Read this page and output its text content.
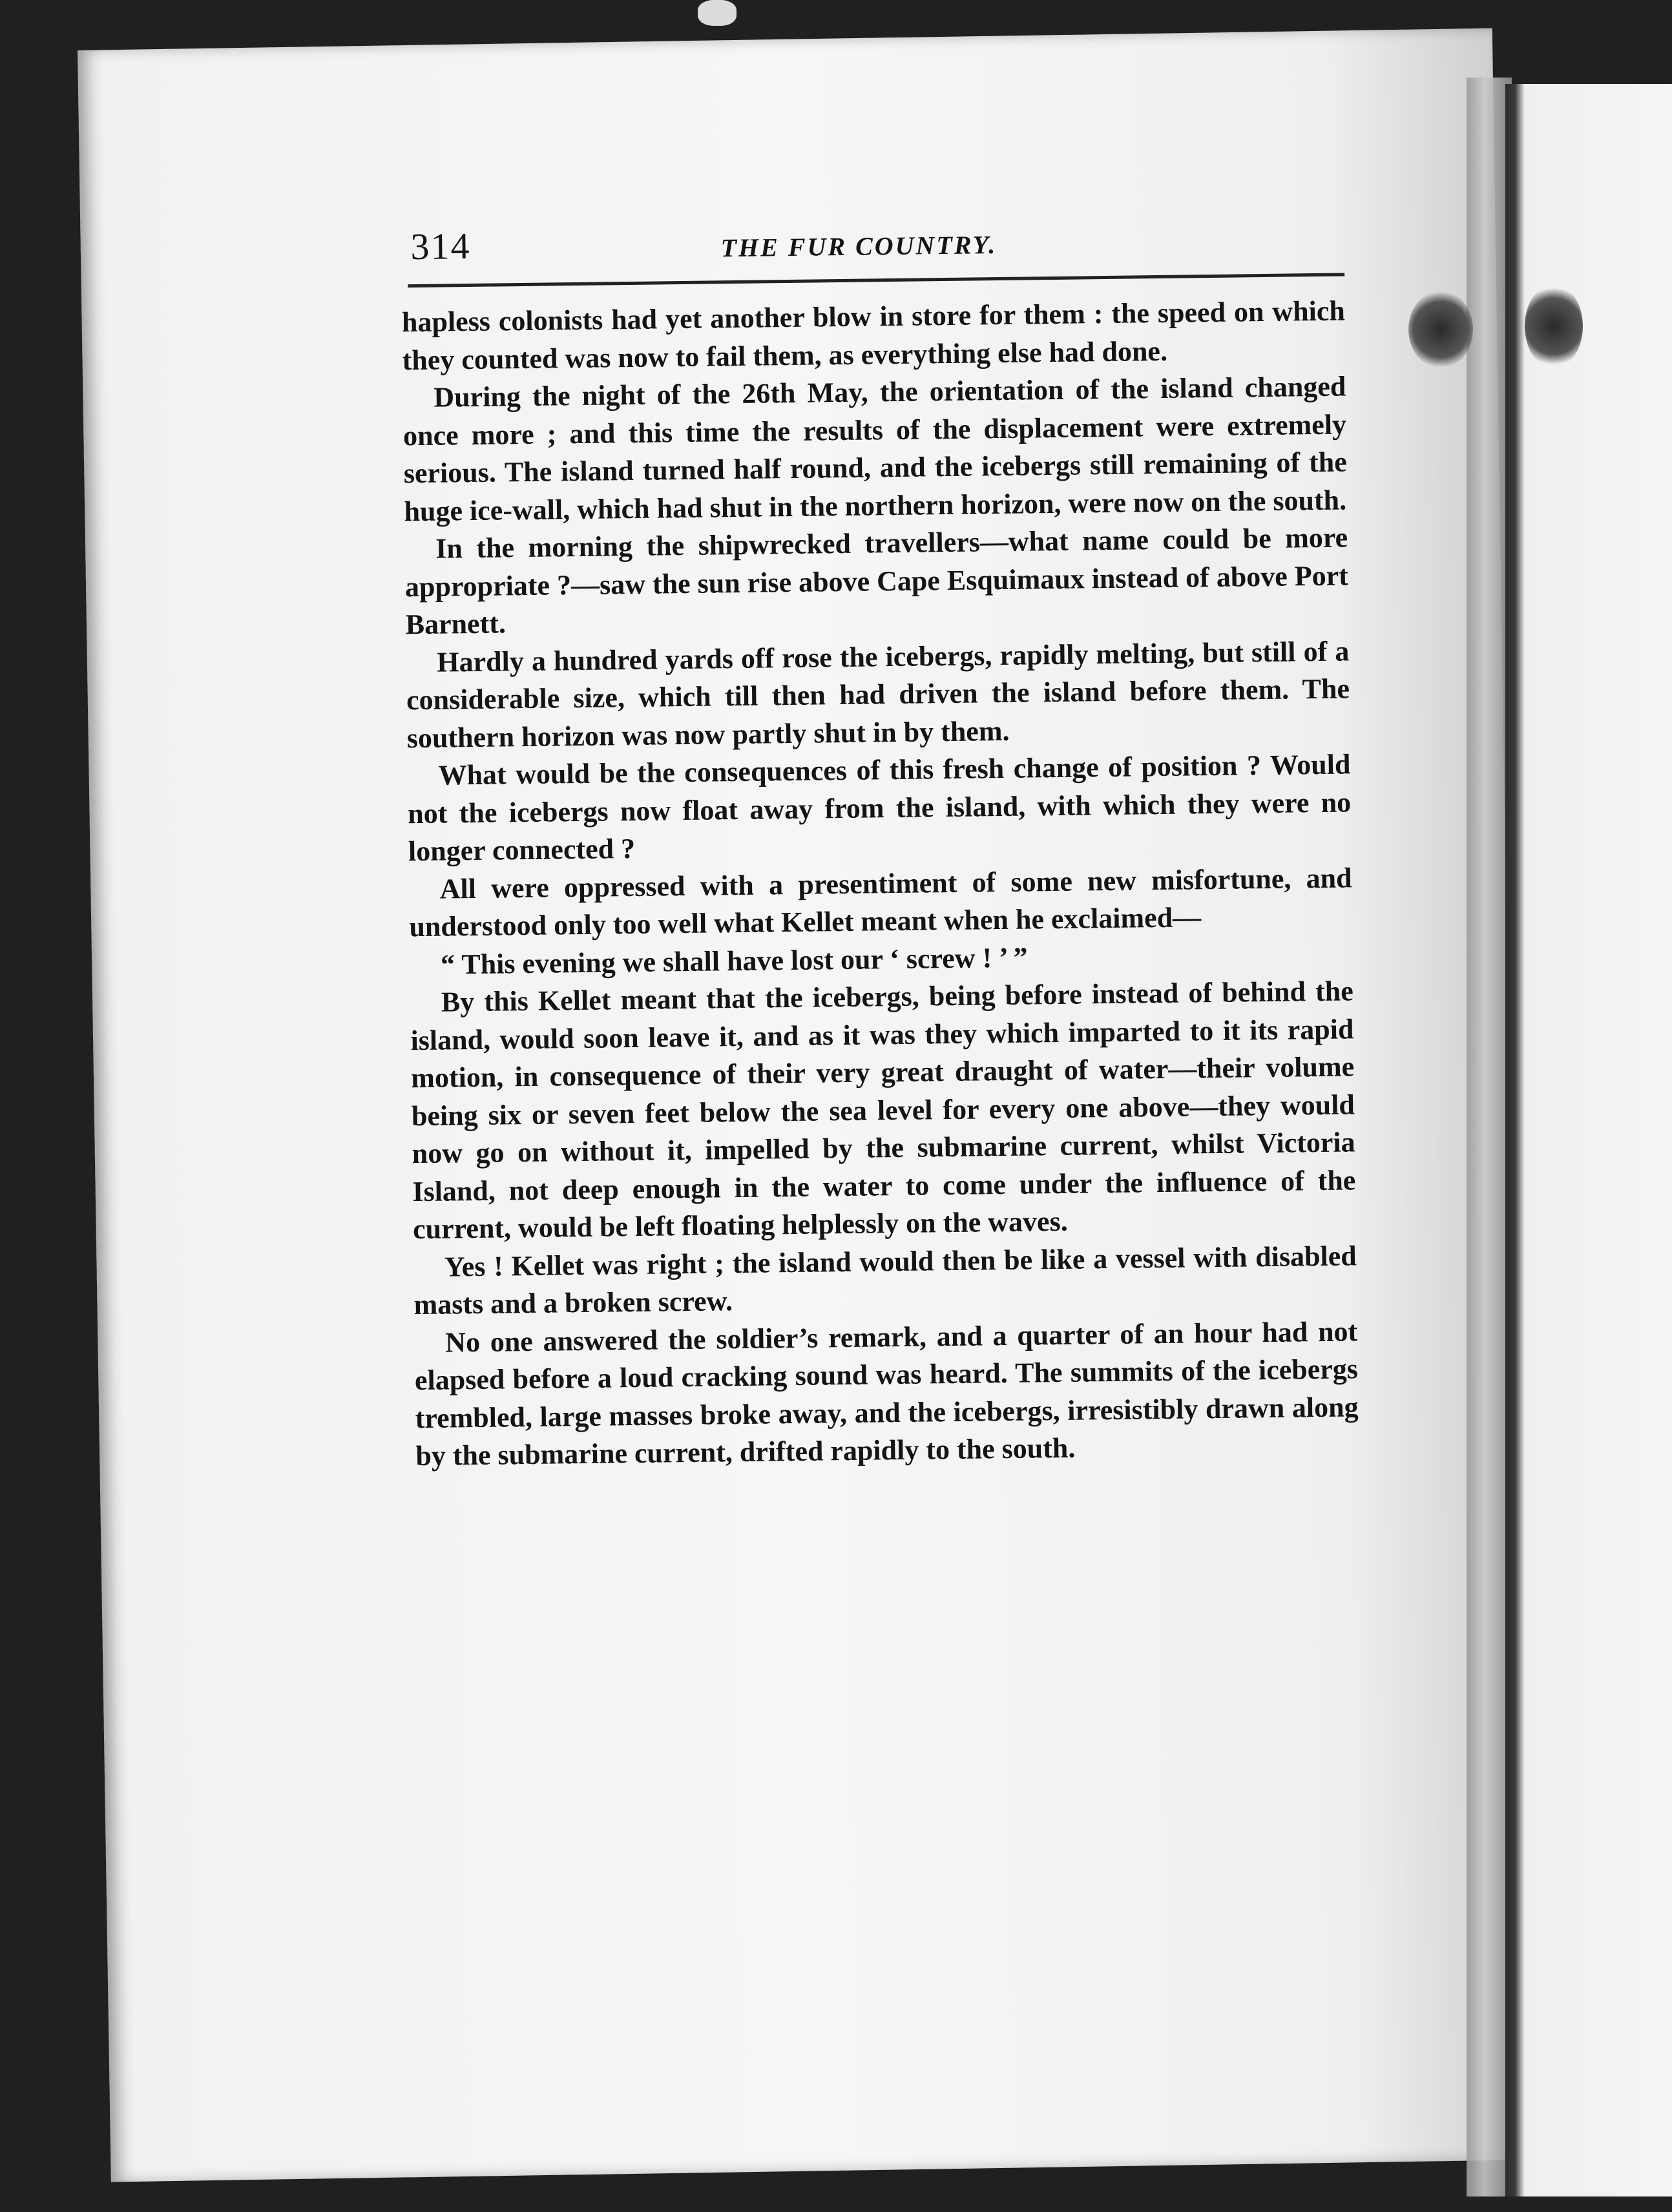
314	THE FUR COUNTRY.

hapless colonists had yet another blow in store for them : the speed on which they counted was now to fail them, as everything else had done.

During the night of the 26th May, the orientation of the island changed once more ; and this time the results of the displacement were extremely serious. The island turned half round, and the icebergs still remaining of the huge ice-wall, which had shut in the northern horizon, were now on the south.

In the morning the shipwrecked travellers—what name could be more appropriate ?—saw the sun rise above Cape Esquimaux instead of above Port Barnett.

Hardly a hundred yards off rose the icebergs, rapidly melting, but still of a considerable size, which till then had driven the island before them. The southern horizon was now partly shut in by them.

What would be the consequences of this fresh change of position ? Would not the icebergs now float away from the island, with which they were no longer connected ?

All were oppressed with a presentiment of some new misfortune, and understood only too well what Kellet meant when he exclaimed—

“ This evening we shall have lost our ‘ screw ! ’ ”

By this Kellet meant that the icebergs, being before instead of behind the island, would soon leave it, and as it was they which imparted to it its rapid motion, in consequence of their very great draught of water—their volume being six or seven feet below the sea level for every one above—they would now go on without it, impelled by the submarine current, whilst Victoria Island, not deep enough in the water to come under the influence of the current, would be left floating helplessly on the waves.

Yes ! Kellet was right ; the island would then be like a vessel with disabled masts and a broken screw.

No one answered the soldier’s remark, and a quarter of an hour had not elapsed before a loud cracking sound was heard. The summits of the icebergs trembled, large masses broke away, and the icebergs, irresistibly drawn along by the submarine current, drifted rapidly to the south.
